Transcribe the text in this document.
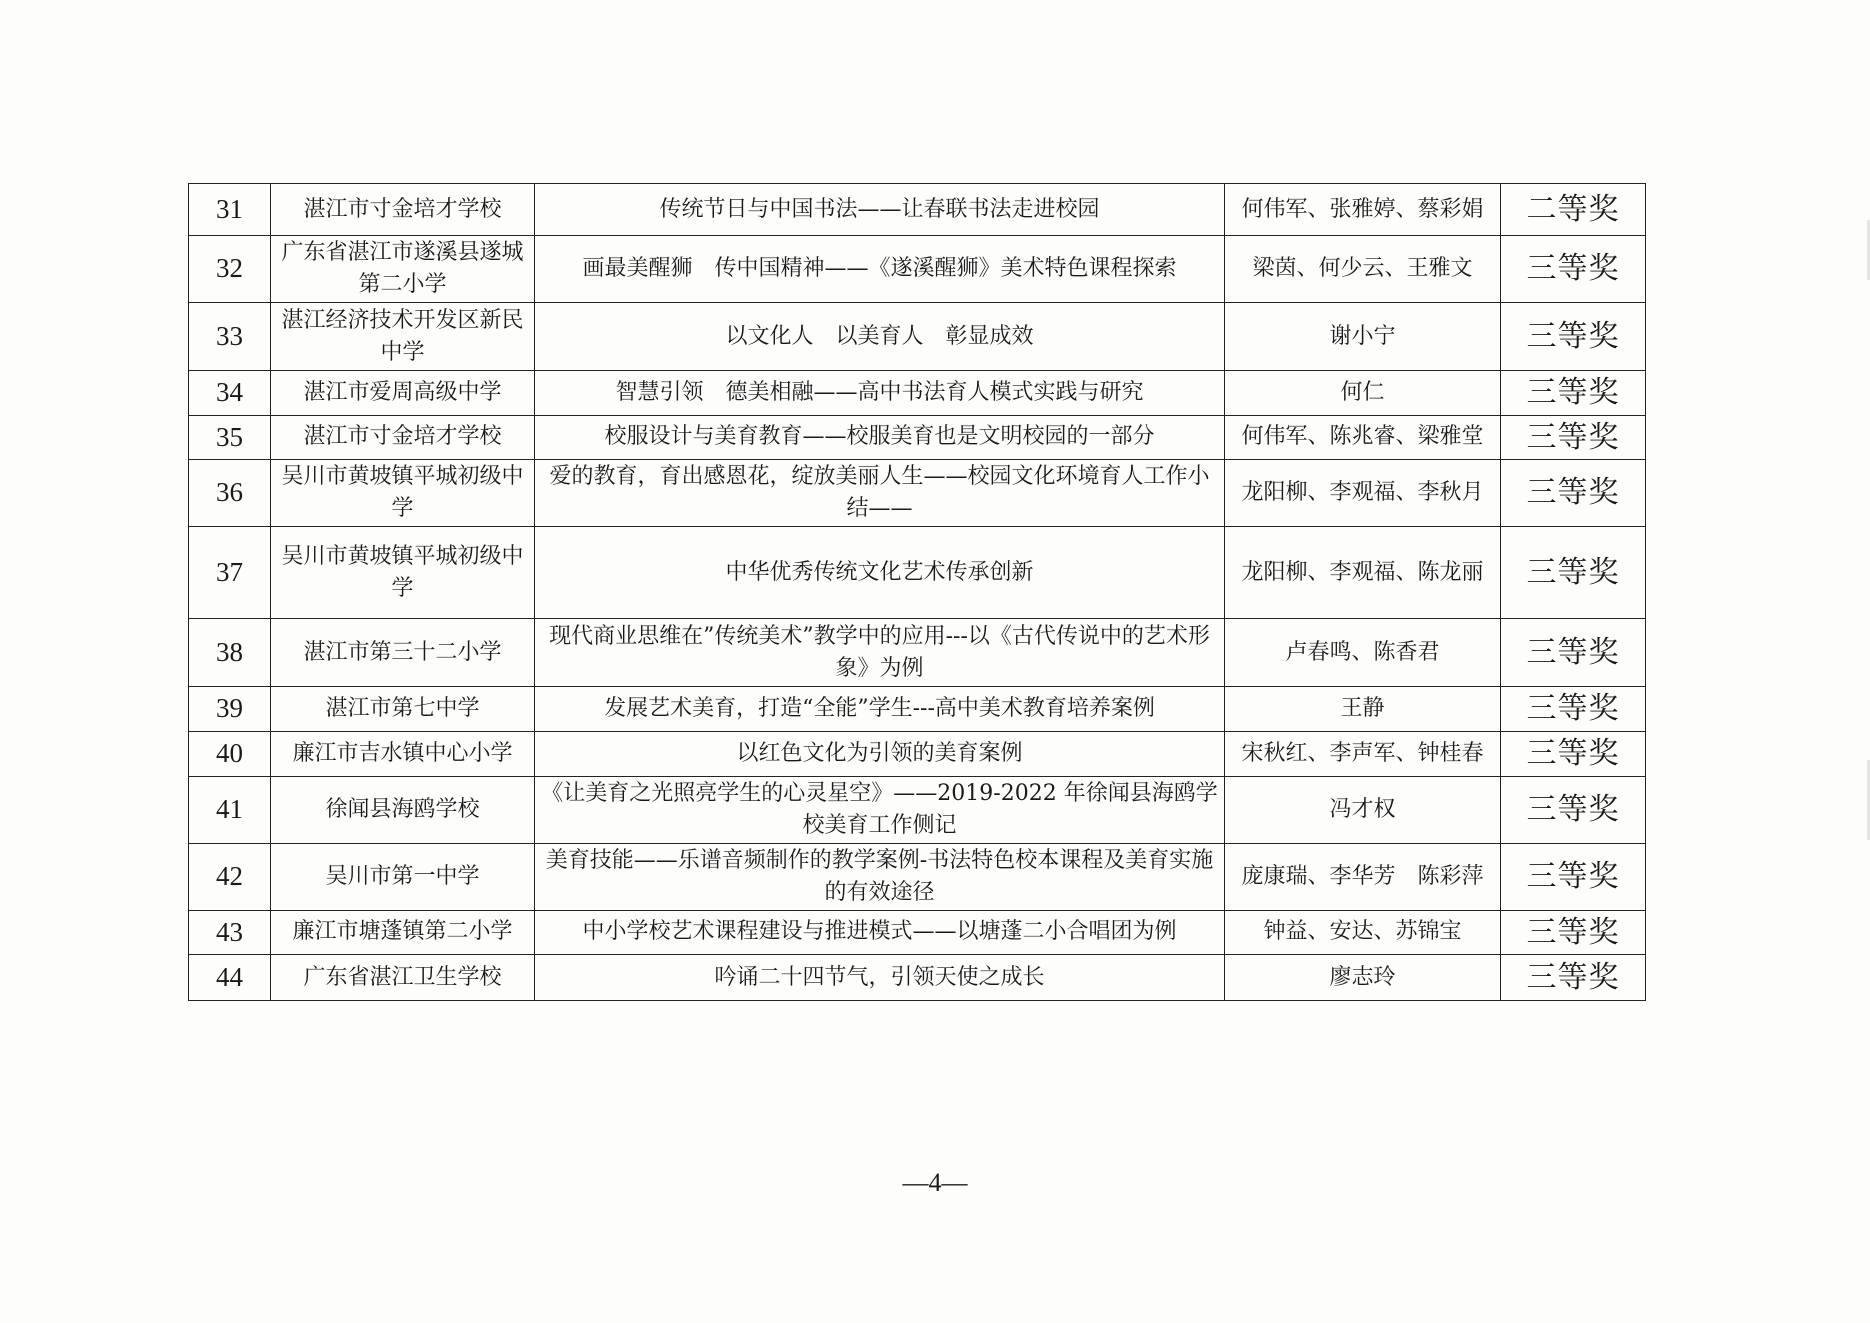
31	湛江市寸金培才学校	传统节日与中国书法——让春联书法走进校园	何伟军、张雅婷、蔡彩娟	二等奖
32	广东省湛江市遂溪县遂城第二小学	画最美醒狮　传中国精神——《遂溪醒狮》美术特色课程探索	梁茵、何少云、王雅文	三等奖
33	湛江经济技术开发区新民中学	以文化人　以美育人　彰显成效	谢小宁	三等奖
34	湛江市爱周高级中学	智慧引领　德美相融——高中书法育人模式实践与研究	何仁	三等奖
35	湛江市寸金培才学校	校服设计与美育教育——校服美育也是文明校园的一部分	何伟军、陈兆睿、梁雅堂	三等奖
36	吴川市黄坡镇平城初级中学	爱的教育，育出感恩花，绽放美丽人生——校园文化环境育人工作小结——	龙阳柳、李观福、李秋月	三等奖
37	吴川市黄坡镇平城初级中学	中华优秀传统文化艺术传承创新	龙阳柳、李观福、陈龙丽	三等奖
38	湛江市第三十二小学	现代商业思维在”传统美术”教学中的应用---以《古代传说中的艺术形象》为例	卢春鸣、陈香君	三等奖
39	湛江市第七中学	发展艺术美育，打造“全能”学生---高中美术教育培养案例	王静	三等奖
40	廉江市吉水镇中心小学	以红色文化为引领的美育案例	宋秋红、李声军、钟桂春	三等奖
41	徐闻县海鸥学校	《让美育之光照亮学生的心灵星空》——2019-2022 年徐闻县海鸥学校美育工作侧记	冯才权	三等奖
42	吴川市第一中学	美育技能——乐谱音频制作的教学案例-书法特色校本课程及美育实施的有效途径	庞康瑞、李华芳　陈彩萍	三等奖
43	廉江市塘蓬镇第二小学	中小学校艺术课程建设与推进模式——以塘蓬二小合唱团为例	钟益、安达、苏锦宝	三等奖
44	广东省湛江卫生学校	吟诵二十四节气，引领天使之成长	廖志玲	三等奖
—4—
